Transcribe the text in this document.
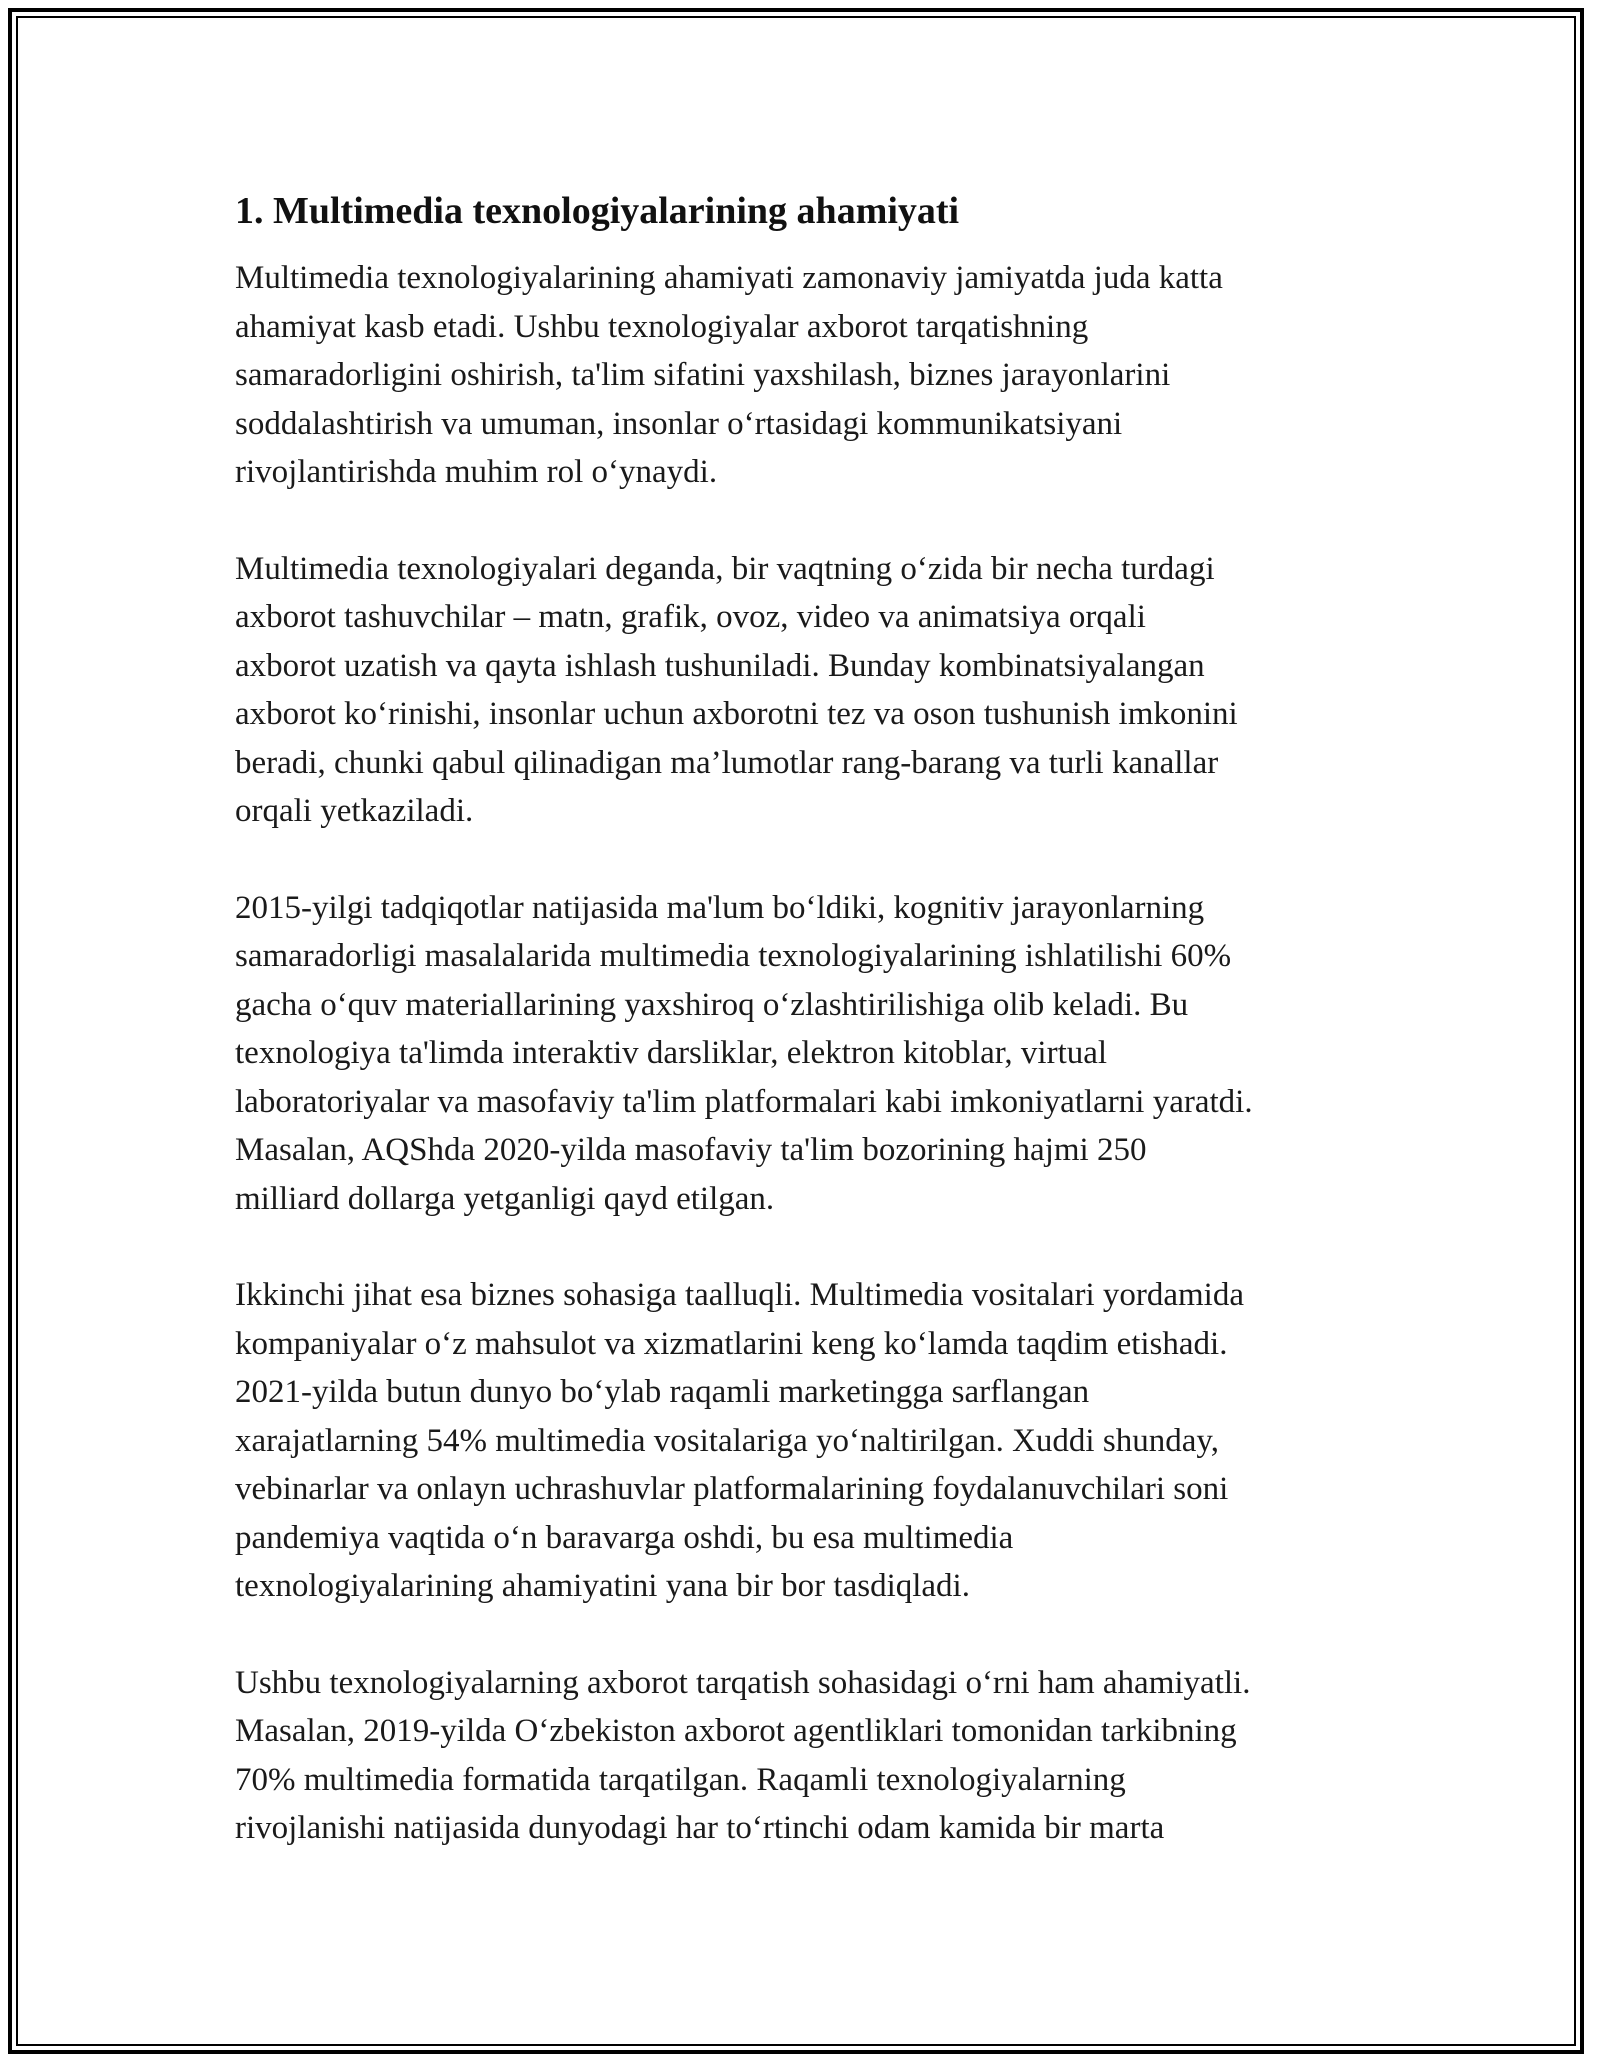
1. Multimedia texnologiyalarining ahamiyati

Multimedia texnologiyalarining ahamiyati zamonaviy jamiyatda juda katta
ahamiyat kasb etadi. Ushbu texnologiyalar axborot tarqatishning
samaradorligini oshirish, ta'lim sifatini yaxshilash, biznes jarayonlarini
soddalashtirish va umuman, insonlar o‘rtasidagi kommunikatsiyani
rivojlantirishda muhim rol o‘ynaydi.

Multimedia texnologiyalari deganda, bir vaqtning o‘zida bir necha turdagi
axborot tashuvchilar – matn, grafik, ovoz, video va animatsiya orqali
axborot uzatish va qayta ishlash tushuniladi. Bunday kombinatsiyalangan
axborot ko‘rinishi, insonlar uchun axborotni tez va oson tushunish imkonini
beradi, chunki qabul qilinadigan ma’lumotlar rang-barang va turli kanallar
orqali yetkaziladi.

2015-yilgi tadqiqotlar natijasida ma'lum bo‘ldiki, kognitiv jarayonlarning
samaradorligi masalalarida multimedia texnologiyalarining ishlatilishi 60%
gacha o‘quv materiallarining yaxshiroq o‘zlashtirilishiga olib keladi. Bu
texnologiya ta'limda interaktiv darsliklar, elektron kitoblar, virtual
laboratoriyalar va masofaviy ta'lim platformalari kabi imkoniyatlarni yaratdi.
Masalan, AQShda 2020-yilda masofaviy ta'lim bozorining hajmi 250
milliard dollarga yetganligi qayd etilgan.

Ikkinchi jihat esa biznes sohasiga taalluqli. Multimedia vositalari yordamida
kompaniyalar o‘z mahsulot va xizmatlarini keng ko‘lamda taqdim etishadi.
2021-yilda butun dunyo bo‘ylab raqamli marketingga sarflangan
xarajatlarning 54% multimedia vositalariga yo‘naltirilgan. Xuddi shunday,
vebinarlar va onlayn uchrashuvlar platformalarining foydalanuvchilari soni
pandemiya vaqtida o‘n baravarga oshdi, bu esa multimedia
texnologiyalarining ahamiyatini yana bir bor tasdiqladi.

Ushbu texnologiyalarning axborot tarqatish sohasidagi o‘rni ham ahamiyatli.
Masalan, 2019-yilda O‘zbekiston axborot agentliklari tomonidan tarkibning
70% multimedia formatida tarqatilgan. Raqamli texnologiyalarning
rivojlanishi natijasida dunyodagi har to‘rtinchi odam kamida bir marta
